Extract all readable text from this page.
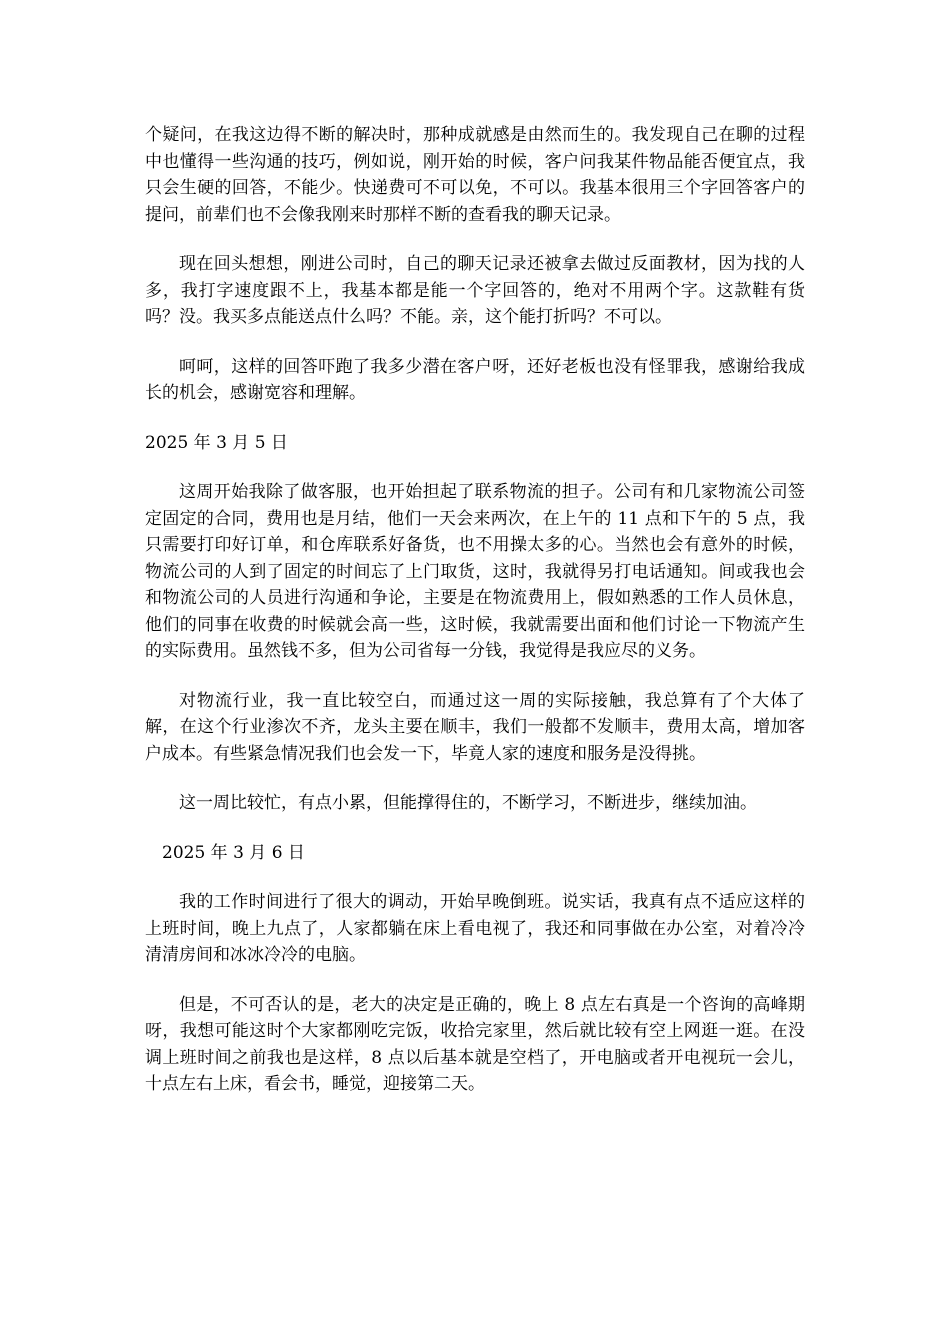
个疑问，在我这边得不断的解决时，那种成就感是由然而生的。我发现自己在聊的过程中也懂得一些沟通的技巧，例如说，刚开始的时候，客户问我某件物品能否便宜点，我只会生硬的回答，不能少。快递费可不可以免，不可以。我基本很用三个字回答客户的提问，前辈们也不会像我刚来时那样不断的查看我的聊天记录。

现在回头想想，刚进公司时，自己的聊天记录还被拿去做过反面教材，因为找的人多，我打字速度跟不上，我基本都是能一个字回答的，绝对不用两个字。这款鞋有货吗？没。我买多点能送点什么吗？不能。亲，这个能打折吗？不可以。

呵呵，这样的回答吓跑了我多少潜在客户呀，还好老板也没有怪罪我，感谢给我成长的机会，感谢宽容和理解。

2025 年 3 月 5 日

这周开始我除了做客服，也开始担起了联系物流的担子。公司有和几家物流公司签定固定的合同，费用也是月结，他们一天会来两次，在上午的 11 点和下午的 5 点，我只需要打印好订单，和仓库联系好备货，也不用操太多的心。当然也会有意外的时候，物流公司的人到了固定的时间忘了上门取货，这时，我就得另打电话通知。间或我也会和物流公司的人员进行沟通和争论，主要是在物流费用上，假如熟悉的工作人员休息，他们的同事在收费的时候就会高一些，这时候，我就需要出面和他们讨论一下物流产生的实际费用。虽然钱不多，但为公司省每一分钱，我觉得是我应尽的义务。

对物流行业，我一直比较空白，而通过这一周的实际接触，我总算有了个大体了解，在这个行业渗次不齐，龙头主要在顺丰，我们一般都不发顺丰，费用太高，增加客户成本。有些紧急情况我们也会发一下，毕竟人家的速度和服务是没得挑。

这一周比较忙，有点小累，但能撑得住的，不断学习，不断进步，继续加油。

2025 年 3 月 6 日

我的工作时间进行了很大的调动，开始早晚倒班。说实话，我真有点不适应这样的上班时间，晚上九点了，人家都躺在床上看电视了，我还和同事做在办公室，对着冷冷清清房间和冰冰冷冷的电脑。

但是，不可否认的是，老大的决定是正确的，晚上 8 点左右真是一个咨询的高峰期呀，我想可能这时个大家都刚吃完饭，收拾完家里，然后就比较有空上网逛一逛。在没调上班时间之前我也是这样，8 点以后基本就是空档了，开电脑或者开电视玩一会儿，十点左右上床，看会书，睡觉，迎接第二天。
